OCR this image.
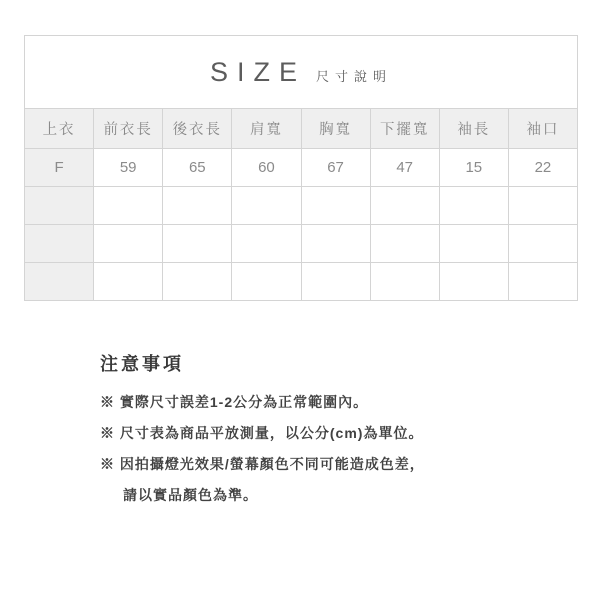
SIZE 尺寸說明							

上衣	前衣長	後衣長	肩寬	胸寬	下擺寬	袖長	袖口
F	59	65	60	67	47	15	22

注意事項
※ 實際尺寸誤差1-2公分為正常範圍內。
※ 尺寸表為商品平放測量，以公分(cm)為單位。
※ 因拍攝燈光效果/螢幕顏色不同可能造成色差，
請以實品顏色為準。
